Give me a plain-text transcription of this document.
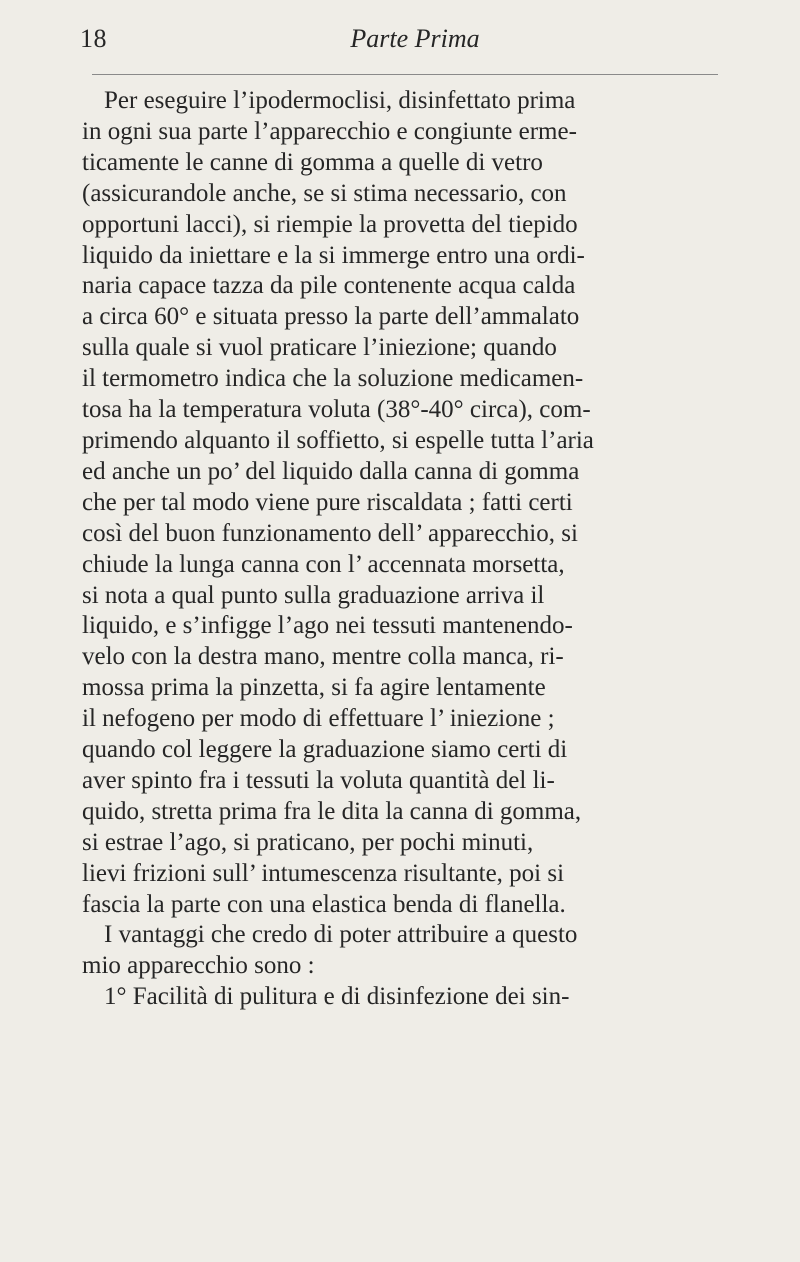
18	Parte Prima
Per eseguire l’ipodermoclisi, disinfettato prima
in ogni sua parte l’apparecchio e congiunte erme-
ticamente le canne di gomma a quelle di vetro
(assicurandole anche, se si stima necessario, con
opportuni lacci), si riempie la provetta del tiepido
liquido da iniettare e la si immerge entro una ordi-
naria capace tazza da pile contenente acqua calda
a circa 60° e situata presso la parte dell’ammalato
sulla quale si vuol praticare l’iniezione; quando
il termometro indica che la soluzione medicamen-
tosa ha la temperatura voluta (38°-40° circa), com-
primendo alquanto il soffietto, si espelle tutta l’aria
ed anche un po’ del liquido dalla canna di gomma
che per tal modo viene pure riscaldata ; fatti certi
così del buon funzionamento dell’ apparecchio, si
chiude la lunga canna con l’ accennata morsetta,
si nota a qual punto sulla graduazione arriva il
liquido, e s’infigge l’ago nei tessuti mantenendo-
velo con la destra mano, mentre colla manca, ri-
mossa prima la pinzetta, si fa agire lentamente
il nefogeno per modo di effettuare l’ iniezione ;
quando col leggere la graduazione siamo certi di
aver spinto fra i tessuti la voluta quantità del li-
quido, stretta prima fra le dita la canna di gomma,
si estrae l’ago, si praticano, per pochi minuti,
lievi frizioni sull’ intumescenza risultante, poi si
fascia la parte con una elastica benda di flanella.
I vantaggi che credo di poter attribuire a questo
mio apparecchio sono :
1° Facilità di pulitura e di disinfezione dei sin-
